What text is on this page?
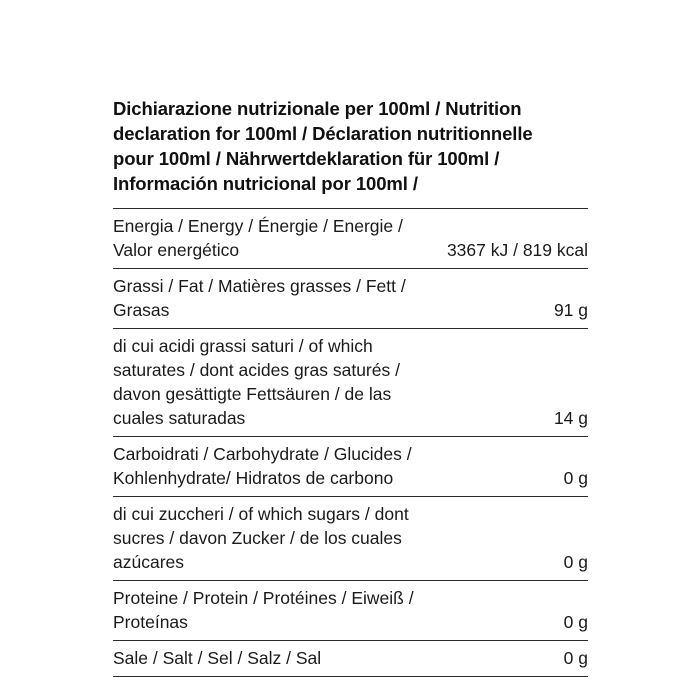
Dichiarazione nutrizionale per 100ml / Nutrition declaration for 100ml / Déclaration nutritionnelle pour 100ml / Nährwertdeklaration für 100ml / Información nutricional por 100ml /
Energia / Energy / Énergie / Energie / Valor energético	3367 kJ / 819 kcal
Grassi / Fat / Matières grasses / Fett / Grasas	91 g
di cui acidi grassi saturi / of which saturates / dont acides gras saturés / davon gesättigte Fettsäuren / de las cuales saturadas	14 g
Carboidrati / Carbohydrate / Glucides / Kohlenhydrate/ Hidratos de carbono	0 g
di cui zuccheri / of which sugars / dont sucres / davon Zucker / de los cuales azúcares	0 g
Proteine / Protein / Protéines / Eiweiß / Proteínas	0 g
Sale / Salt / Sel / Salz / Sal	0 g
